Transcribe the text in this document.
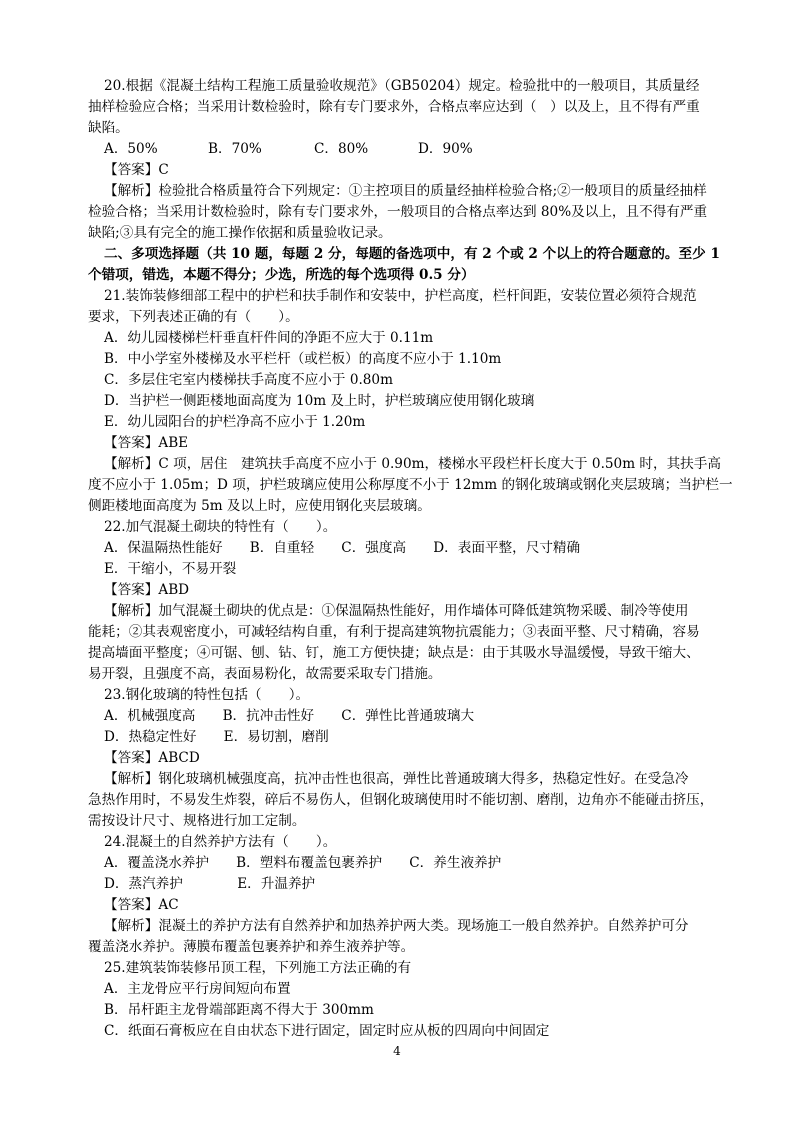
20.根据《混凝土结构工程施工质量验收规范》（GB50204）规定。检验批中的一般项目，其质量经
抽样检验应合格；当采用计数检验时，除有专门要求外，合格点率应达到（　）以及上，且不得有严重
缺陷。
A．50%	B．70%	C．80%	D．90%
【答案】C
【解析】检验批合格质量符合下列规定：①主控项目的质量经抽样检验合格;②一般项目的质量经抽样
检验合格；当采用计数检验时，除有专门要求外，一般项目的合格点率达到 80%及以上，且不得有严重
缺陷;③具有完全的施工操作依据和质量验收记录。
二、多项选择题（共 10 题，每题 2 分，每题的备选项中，有 2 个或 2 个以上的符合题意的。至少 1
个错项，错选，本题不得分；少选，所选的每个选项得 0.5 分）
21.装饰装修细部工程中的护栏和扶手制作和安装中，护栏高度，栏杆间距，安装位置必须符合规范
要求，下列表述正确的有（　　）。
A．幼儿园楼梯栏杆垂直杆件间的净距不应大于 0.11m
B．中小学室外楼梯及水平栏杆（或栏板）的高度不应小于 1.10m
C．多层住宅室内楼梯扶手高度不应小于 0.80m
D．当护栏一侧距楼地面高度为 10m 及上时，护栏玻璃应使用钢化玻璃
E．幼儿园阳台的护栏净高不应小于 1.20m
【答案】ABE
【解析】C 项，居住　建筑扶手高度不应小于 0.90m，楼梯水平段栏杆长度大于 0.50m 时，其扶手高
度不应小于 1.05m；D 项，护栏玻璃应使用公称厚度不小于 12mm 的钢化玻璃或钢化夹层玻璃；当护栏一
侧距楼地面高度为 5m 及以上时，应使用钢化夹层玻璃。
22.加气混凝土砌块的特性有（　　）。
A．保温隔热性能好　　B．自重轻　　C．强度高　　D．表面平整，尺寸精确
E．干缩小，不易开裂
【答案】ABD
【解析】加气混凝土砌块的优点是：①保温隔热性能好，用作墙体可降低建筑物采暖、制冷等使用
能耗；②其表观密度小，可减轻结构自重，有利于提高建筑物抗震能力；③表面平整、尺寸精确，容易
提高墙面平整度；④可锯、刨、钻、钉，施工方便快捷；缺点是：由于其吸水导温缓慢，导致干缩大、
易开裂，且强度不高，表面易粉化，故需要采取专门措施。
23.钢化玻璃的特性包括（　　）。
A．机械强度高　　B．抗冲击性好　　C．弹性比普通玻璃大
D．热稳定性好　　E．易切割，磨削
【答案】ABCD
【解析】钢化玻璃机械强度高，抗冲击性也很高，弹性比普通玻璃大得多，热稳定性好。在受急冷
急热作用时，不易发生炸裂，碎后不易伤人，但钢化玻璃使用时不能切割、磨削，边角亦不能碰击挤压，
需按设计尺寸、规格进行加工定制。
24.混凝土的自然养护方法有（　　）。
A．覆盖浇水养护　　B．塑料布覆盖包裹养护　　C．养生液养护
D．蒸汽养护　　　　E．升温养护
【答案】AC
【解析】混凝土的养护方法有自然养护和加热养护两大类。现场施工一般自然养护。自然养护可分
覆盖浇水养护。薄膜布覆盖包裹养护和养生液养护等。
25.建筑装饰装修吊顶工程，下列施工方法正确的有
A．主龙骨应平行房间短向布置
B．吊杆距主龙骨端部距离不得大于 300mm
C．纸面石膏板应在自由状态下进行固定，固定时应从板的四周向中间固定
4
